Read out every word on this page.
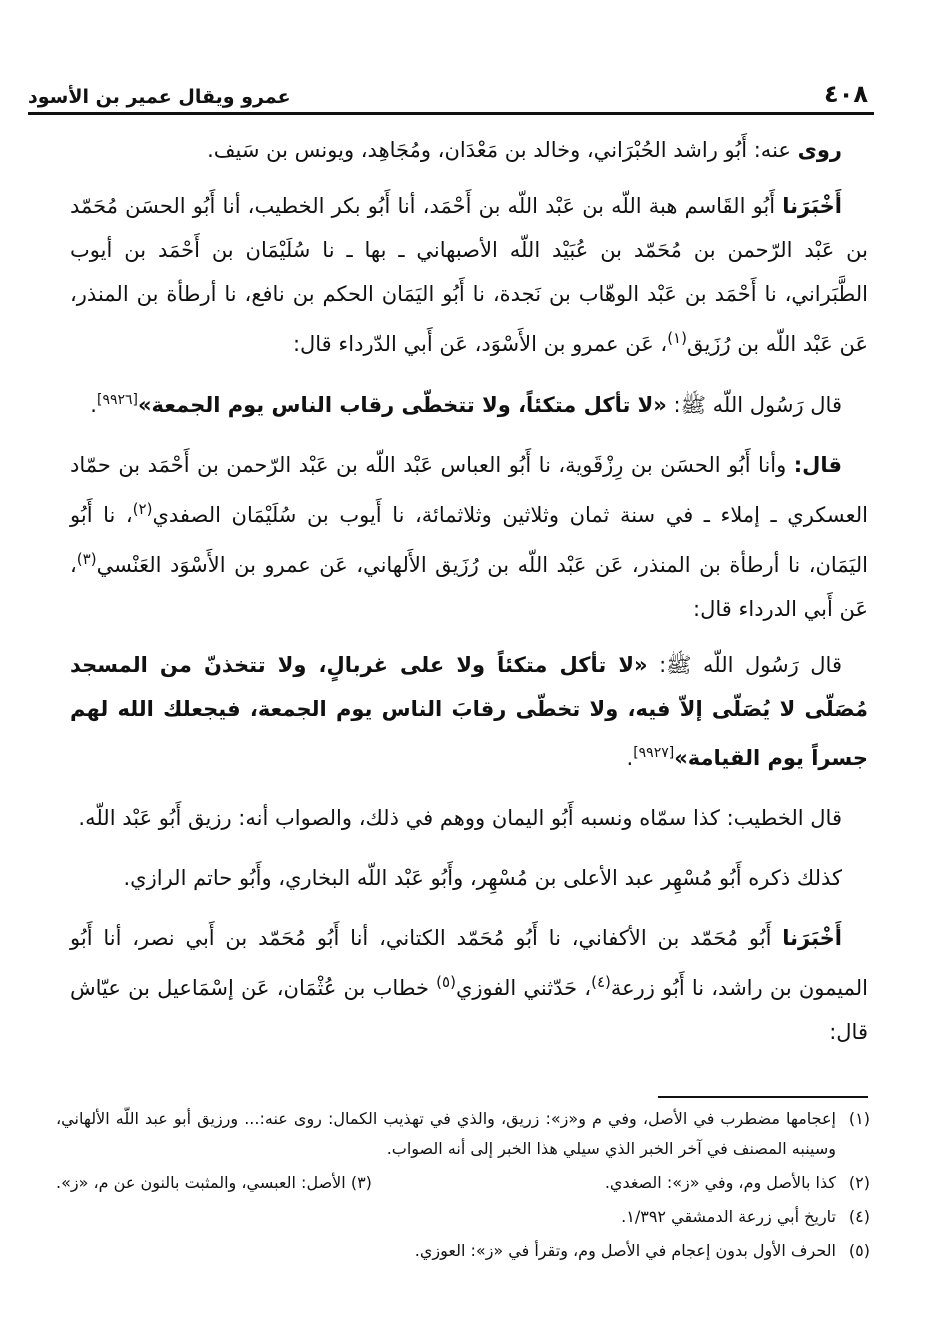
٤٠٨
عمرو ويقال عمير بن الأسود

روى عنه: أَبُو راشد الحُبْرَاني، وخالد بن مَعْدَان، ومُجَاهِد، ويونس بن سَيف.

أَخْبَرَنا أَبُو القَاسم هبة اللّه بن عَبْد اللّه بن أَحْمَد، أنا أَبُو بكر الخطيب، أنا أَبُو الحسَن مُحَمّد بن عَبْد الرّحمن بن مُحَمّد بن عُبَيْد اللّه الأصبهاني ـ بها ـ نا سُلَيْمَان بن أَحْمَد بن أيوب الطَّبَراني، نا أَحْمَد بن عَبْد الوهّاب بن نَجدة، نا أَبُو اليَمَان الحكم بن نافع، نا أرطأة بن المنذر، عَن عَبْد اللّه بن رُزَيق$^{(١)}$، عَن عمرو بن الأَسْوَد، عَن أَبي الدّرداء قال:

قال رَسُول اللّه ﷺ: «لا تأكل متكئاً، ولا تتخطّى رقاب الناس يوم الجمعة»[٩٩٢٦].

قال: وأنا أَبُو الحسَن بن رِزْقَوية، نا أَبُو العباس عَبْد اللّه بن عَبْد الرّحمن بن أَحْمَد بن حمّاد العسكري ـ إملاء ـ في سنة ثمان وثلاثين وثلاثمائة، نا أَيوب بن سُلَيْمَان الصفدي$^{(٢)}$، نا أَبُو اليَمَان، نا أرطأة بن المنذر، عَن عَبْد اللّه بن رُزَيق الأَلهاني، عَن عمرو بن الأَسْوَد العَنْسي$^{(٣)}$، عَن أَبي الدرداء قال:

قال رَسُول اللّه ﷺ: «لا تأكل متكئاً ولا على غربالٍ، ولا تتخذنّ من المسجد مُصَلّى لا يُصَلّى إلاّ فيه، ولا تخطّى رقابَ الناس يوم الجمعة، فيجعلك الله لهم جسراً يوم القيامة»[٩٩٢٧].

قال الخطيب: كذا سمّاه ونسبه أَبُو اليمان ووهم في ذلك، والصواب أنه: رزيق أَبُو عَبْد اللّه.

كذلك ذكره أَبُو مُسْهِر عبد الأعلى بن مُسْهِر، وأَبُو عَبْد اللّه البخاري، وأَبُو حاتم الرازي.

أَخْبَرَنا أَبُو مُحَمّد بن الأكفاني، نا أَبُو مُحَمّد الكتاني، أنا أَبُو مُحَمّد بن أَبي نصر، أنا أَبُو الميمون بن راشد، نا أَبُو زرعة$^{(٤)}$، حَدّثني الفوزي$^{(٥)}$ خطاب بن عُثْمَان، عَن إسْمَاعيل بن عيّاش قال:

(١)
إعجامها مضطرب في الأصل، وفي م و«ز»: زريق، والذي في تهذيب الكمال: روى عنه:... ورزيق أبو عبد اللّه الألهاني، وسينبه المصنف في آخر الخبر الذي سيلي هذا الخبر إلى أنه الصواب.
(٢)
كذا بالأصل وم، وفي «ز»: الصغدي.
(٣) الأصل: العبسي، والمثبت بالنون عن م، «ز».
(٤)
تاريخ أبي زرعة الدمشقي ١/٣٩٢.
(٥)
الحرف الأول بدون إعجام في الأصل وم، وتقرأ في «ز»: العوزي.
